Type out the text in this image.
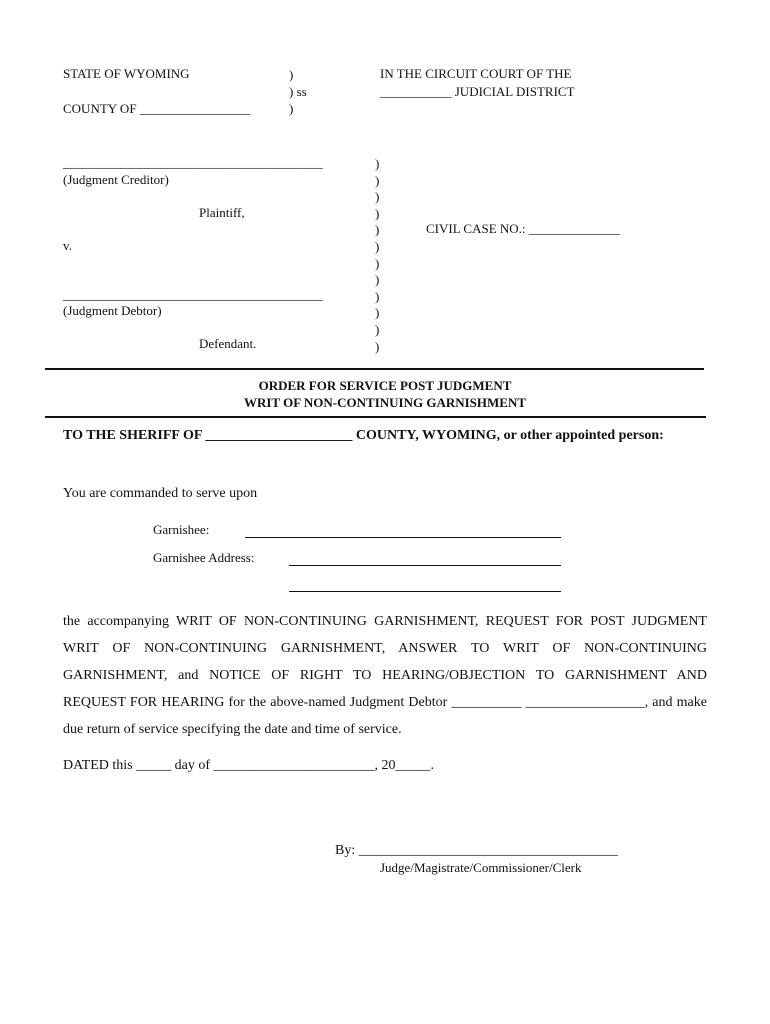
STATE OF WYOMING
COUNTY OF _________________
)
) ss
)
IN THE CIRCUIT COURT OF THE
___________ JUDICIAL DISTRICT
________________________________________
(Judgment Creditor)
Plaintiff,
v.
________________________________________
(Judgment Debtor)
Defendant.
)
)
)
)
)
)
)
)
)
)
)
)
CIVIL CASE NO.: ______________
ORDER FOR SERVICE POST JUDGMENT
WRIT OF NON-CONTINUING GARNISHMENT
TO THE SHERIFF OF _____________________ COUNTY, WYOMING, or other appointed person:
You are commanded to serve upon
Garnishee:
Garnishee Address:
the accompanying WRIT OF NON-CONTINUING GARNISHMENT, REQUEST FOR POST JUDGMENT WRIT OF NON-CONTINUING GARNISHMENT, ANSWER TO WRIT OF NON-CONTINUING GARNISHMENT, and NOTICE OF RIGHT TO HEARING/OBJECTION TO GARNISHMENT AND REQUEST FOR HEARING for the above-named Judgment Debtor __________ _________________, and make due return of service specifying the date and time of service.
DATED this _____ day of _______________________, 20_____.
By: _____________________________________
Judge/Magistrate/Commissioner/Clerk
